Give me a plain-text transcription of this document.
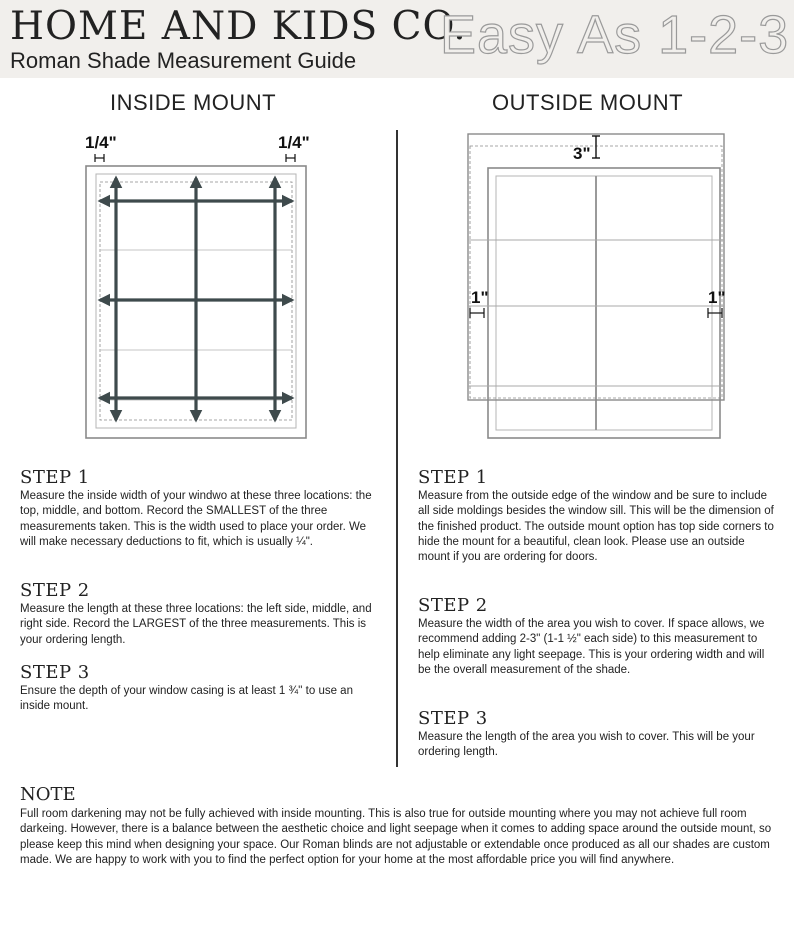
HOME AND KIDS CO.
Roman Shade Measurement Guide Easy As 1-2-3
INSIDE MOUNT	OUTSIDE MOUNT
1/4"	1/4"
3"
1"	1"
STEP 1
Measure the inside width of your windwo at these three locations: the top, middle, and bottom. Record the SMALLEST of the three measurements taken. This is the width used to place your order. We will make necessary deductions to fit, which is usually ¼".
STEP 2
Measure the length at these three locations: the left side, middle, and right side. Record the LARGEST of the three measurements. This is your ordering length.
STEP 3
Ensure the depth of your window casing is at least 1 ¾'' to use an inside mount.
STEP 1
Measure from the outside edge of the window and be sure to include all side moldings besides the window sill. This will be the dimension of the finished product. The outside mount option has top side corners to hide the mount for a beautiful, clean look. Please use an outside mount if you are ordering for doors.
STEP 2
Measure the width of the area you wish to cover. If space allows, we recommend adding 2-3" (1-1 ½" each side) to this measurement to help eliminate any light seepage. This is your ordering width and will be the overall measurement of the shade.
STEP 3
Measure the length of the area you wish to cover. This will be your ordering length.
NOTE
Full room darkening may not be fully achieved with inside mounting. This is also true for outside mounting where you may not achieve full room darkeing. However, there is a balance between the aesthetic choice and light seepage when it comes to adding space around the outside mount, so please keep this mind when designing your space. Our Roman blinds are not adjustable or extendable once produced as all our shades are custom made. We are happy to work with you to find the perfect option for your home at the most affordable price you will find anywhere.
